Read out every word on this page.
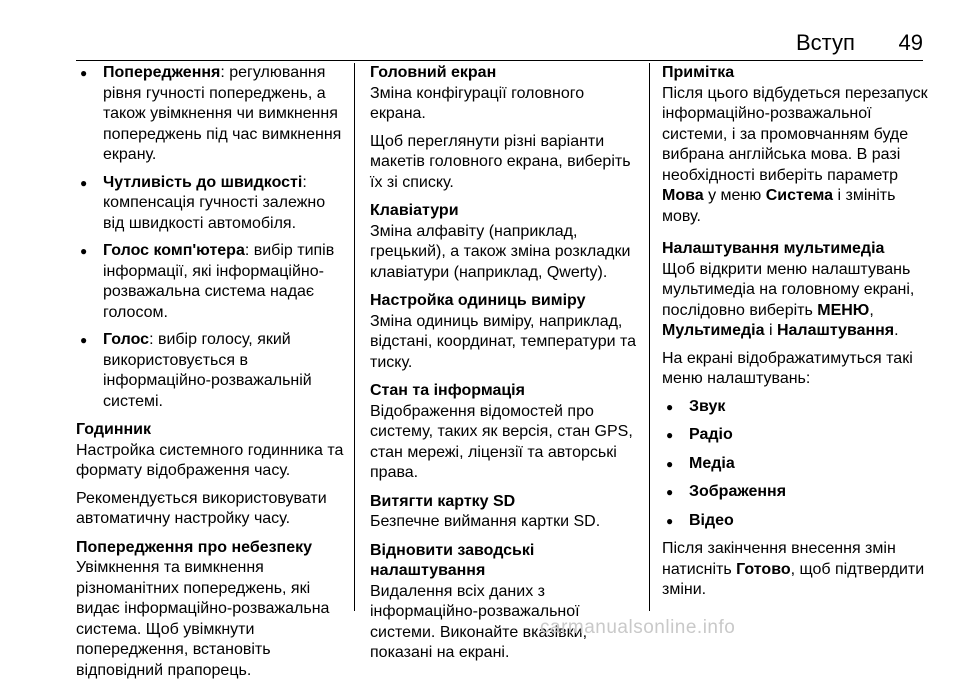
Вступ 49
● Попередження: регулювання рівня гучності попереджень, а також увімкнення чи вимкнення попереджень під час вимкнення екрану.
● Чутливість до швидкості: компенсація гучності залежно від швидкості автомобіля.
● Голос комп'ютера: вибір типів інформації, які інформаційно-розважальна система надає голосом.
● Голос: вибір голосу, який використовується в інформаційно-розважальній системі.

Годинник

Настройка системного годинника та формату відображення часу.

Рекомендується використовувати автоматичну настройку часу.

Попередження про небезпеку

Увімкнення та вимкнення різноманітних попереджень, які видає інформаційно-розважальна система. Щоб увімкнути попередження, встановіть відповідний прапорець.

Головний екран

Зміна конфігурації головного екрана.

Щоб переглянути різні варіанти макетів головного екрана, виберіть їх зі списку.

Клавіатури

Зміна алфавіту (наприклад, грецький), а також зміна розкладки клавіатури (наприклад, Qwerty).

Настройка одиниць виміру

Зміна одиниць виміру, наприклад, відстані, координат, температури та тиску.

Стан та інформація

Відображення відомостей про систему, таких як версія, стан GPS, стан мережі, ліцензії та авторські права.

Витягти картку SD

Безпечне виймання картки SD.

Відновити заводські налаштування

Видалення всіх даних з інформаційно-розважальної системи. Виконайте вказівки, показані на екрані.

Примітка

Після цього відбудеться перезапуск інформаційно-розважальної системи, і за промовчанням буде вибрана англійська мова. В разі необхідності виберіть параметр Мова у меню Система і змініть мову.

Налаштування мультимедіа

Щоб відкрити меню налаштувань мультимедіа на головному екрані, послідовно виберіть МЕНЮ, Мультимедіа і Налаштування.

На екрані відображатимуться такі меню налаштувань:

● Звук
● Радіо
● Медіа
● Зображення
● Відео

Після закінчення внесення змін натисніть Готово, щоб підтвердити зміни.

carmanualsonline.info
